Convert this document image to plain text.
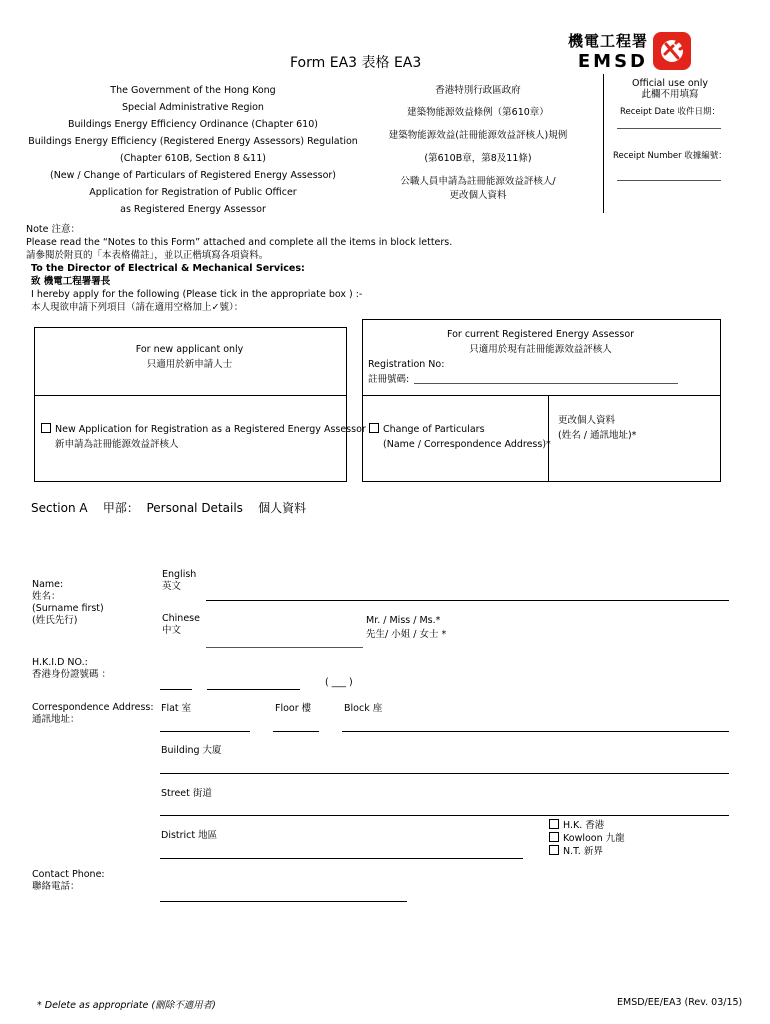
Form EA3 表格 EA3
機電工程署
EMSD
The Government of the Hong Kong
Special Administrative Region
Buildings Energy Efficiency Ordinance (Chapter 610)
Buildings Energy Efficiency (Registered Energy Assessors) Regulation
(Chapter 610B, Section 8 &11)
(New / Change of Particulars of Registered Energy Assessor)
Application for Registration of Public Officer
as Registered Energy Assessor
香港特別行政區政府
建築物能源效益條例（第610章）
建築物能源效益(註冊能源效益評核人)規例
(第610B章，第8及11條)
公職人員申請為註冊能源效益評核人/
更改個人資料
Official use only
此欄不用填寫
Receipt Date 收件日期：
Receipt Number 收據編號：
Note 注意：
Please read the “Notes to this Form” attached and complete all the items in block letters.
請參閱於附頁的「本表格備註」，並以正楷填寫各項資料。
To the Director of Electrical & Mechanical Services:
致 機電工程署署長
I hereby apply for the following (Please tick in the appropriate box ) :-
本人現欲申請下列項目（請在適用空格加上✓號）：
For new applicant only
只適用於新申請人士
For current Registered Energy Assessor
只適用於現有註冊能源效益評核人
Registration No:
註冊號碼:
New Application for Registration as a Registered Energy Assessor
新申請為註冊能源效益評核人
Change of Particulars
(Name / Correspondence Address)*
更改個人資料
(姓名 / 通訊地址)*
Section A    甲部：  Personal Details    個人資料
Name:
姓名：
(Surname first)
(姓氏先行)
English
英文
Chinese
中文
Mr. / Miss / Ms.*
先生/ 小姐 / 女士 *
H.K.I.D NO.:
香港身份證號碼 ：
( ___ )
Correspondence Address:
通訊地址：
Flat 室	Floor 樓	Block 座
Building 大廈
Street 街道
District 地區
H.K. 香港
Kowloon 九龍
N.T. 新界
Contact Phone:
聯絡電話：
* Delete as appropriate (刪除不適用者)	EMSD/EE/EA3 (Rev. 03/15)
